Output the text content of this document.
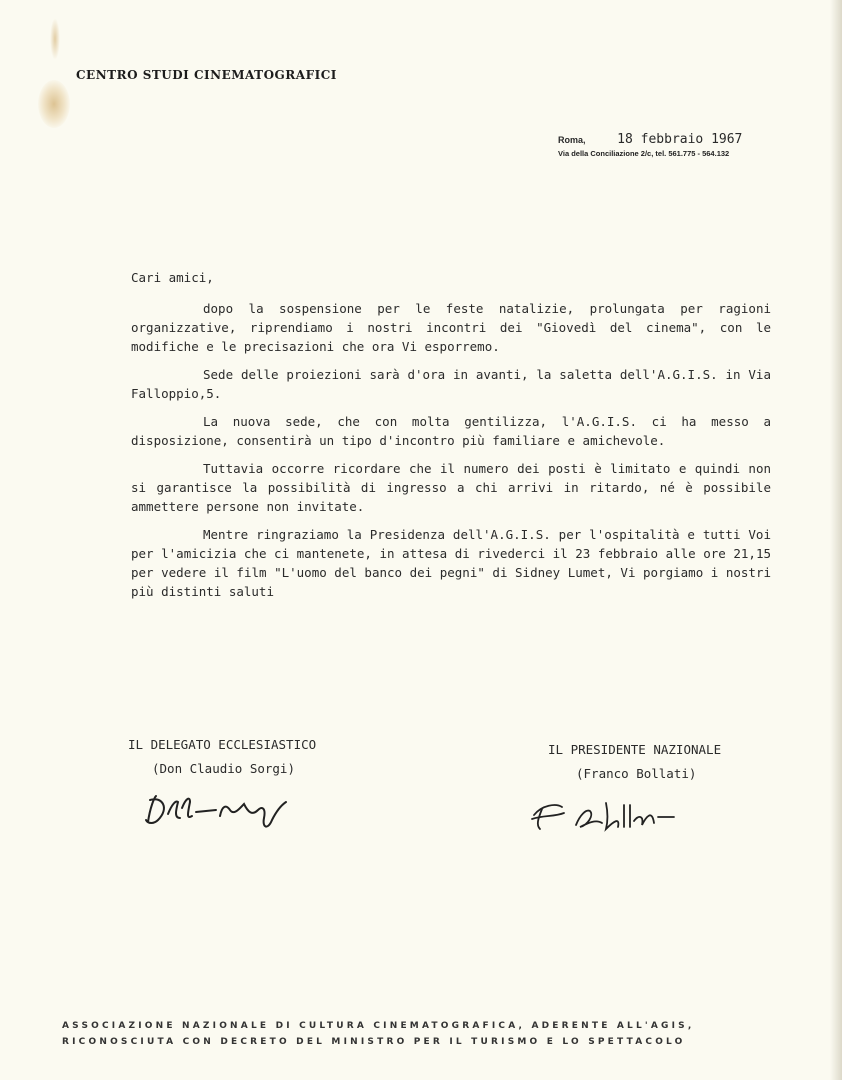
CENTRO STUDI CINEMATOGRAFICI
Roma, 18 febbraio 1967
Via della Conciliazione 2/c, tel. 561.775 - 564.132

Cari amici,

dopo la sospensione per le feste natalizie, prolungata per ragioni organizzative, riprendiamo i nostri incontri dei "Giovedì del cinema", con le modifiche e le precisazioni che ora Vi esporremo.

Sede delle proiezioni sarà d'ora in avanti, la saletta dell'A.G.I.S. in Via Falloppio,5.

La nuova sede, che con molta gentilizza, l'A.G.I.S. ci ha messo a disposizione, consentirà un tipo d'incontro più familiare e amichevole.

Tuttavia occorre ricordare che il numero dei posti è limitato e quindi non si garantisce la possibilità di ingresso a chi arrivi in ritardo, né è possibile ammettere persone non invitate.

Mentre ringraziamo la Presidenza dell'A.G.I.S. per l'ospitalità e tutti Voi per l'amicizia che ci mantenete, in attesa di rivederci il 23 febbraio alle ore 21,15 per vedere il film "L'uomo del banco dei pegni" di Sidney Lumet, Vi porgiamo i nostri più distinti saluti

IL DELEGATO ECCLESIASTICO
(Don Claudio Sorgi)
IL PRESIDENTE NAZIONALE
(Franco Bollati)
ASSOCIAZIONE NAZIONALE DI CULTURA CINEMATOGRAFICA, ADERENTE ALL'AGIS,
RICONOSCIUTA CON DECRETO DEL MINISTRO PER IL TURISMO E LO SPETTACOLO
